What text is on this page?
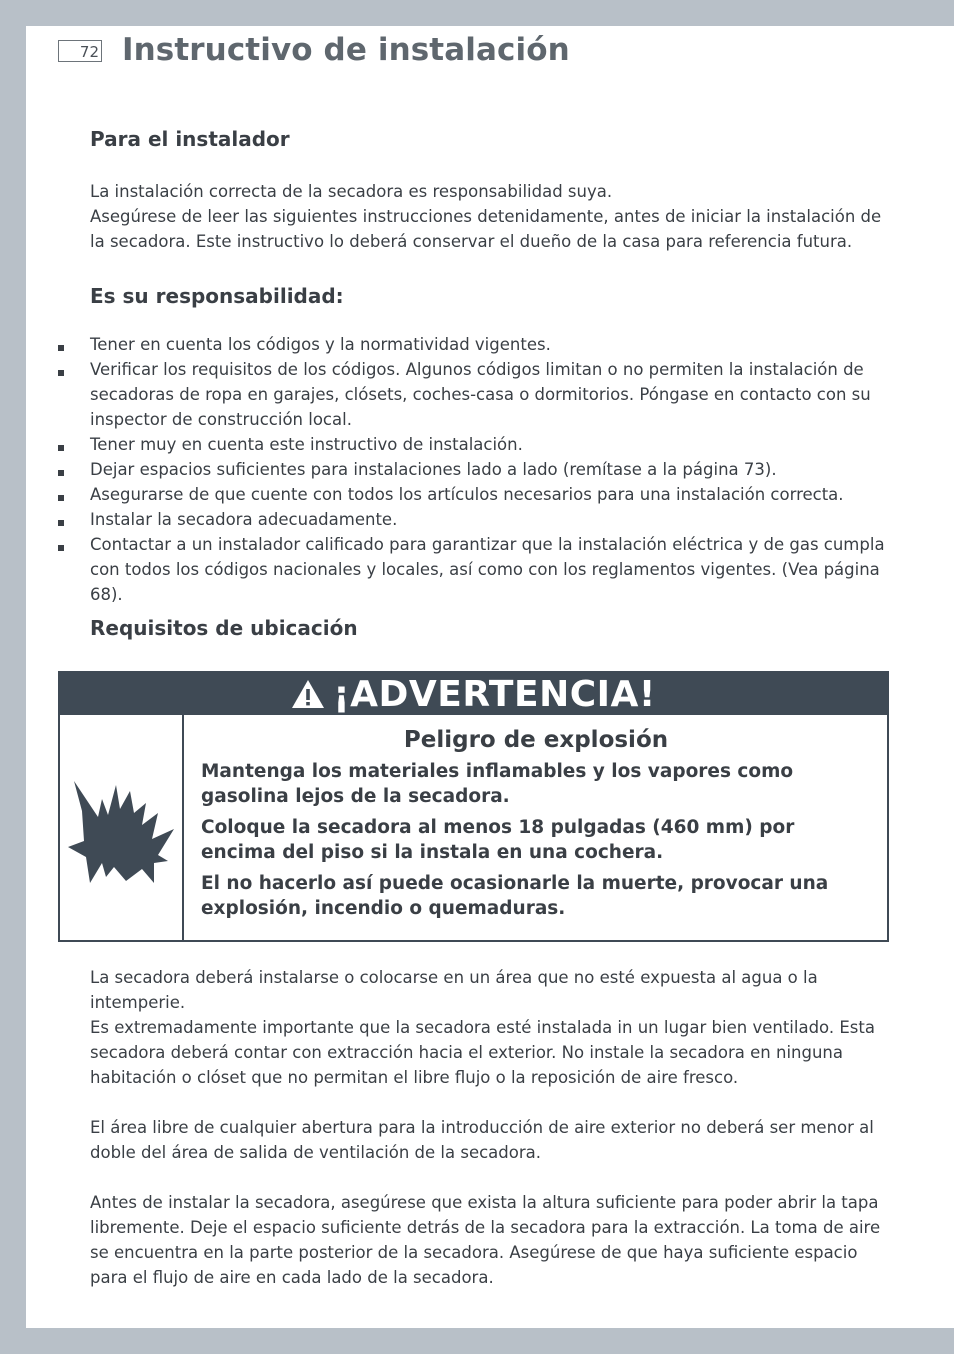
72 Instructivo de instalación
Para el instalador

La instalación correcta de la secadora es responsabilidad suya.

Asegúrese de leer las siguientes instrucciones detenidamente, antes de iniciar la instalación de la secadora. Este instructivo lo deberá conservar el dueño de la casa para referencia futura.

Es su responsabilidad:
Tener en cuenta los códigos y la normatividad vigentes.
Verificar los requisitos de los códigos. Algunos códigos limitan o no permiten la instalación de secadoras de ropa en garajes, clósets, coches-casa o dormitorios. Póngase en contacto con su inspector de construcción local.
Tener muy en cuenta este instructivo de instalación.
Dejar espacios suficientes para instalaciones lado a lado (remítase a la página 73).
Asegurarse de que cuente con todos los artículos necesarios para una instalación correcta.
Instalar la secadora adecuadamente.
Contactar a un instalador calificado para garantizar que la instalación eléctrica y de gas cumpla con todos los códigos nacionales y locales, así como con los reglamentos vigentes. (Vea página 68).
Requisitos de ubicación
¡ADVERTENCIA!

Peligro de explosión

Mantenga los materiales inflamables y los vapores como gasolina lejos de la secadora.

Coloque la secadora al menos 18 pulgadas (460 mm) por encima del piso si la instala en una cochera.

El no hacerlo así puede ocasionarle la muerte, provocar una explosión, incendio o quemaduras.

La secadora deberá instalarse o colocarse en un área que no esté expuesta al agua o la intemperie.
Es extremadamente importante que la secadora esté instalada in un lugar bien ventilado. Esta secadora deberá contar con extracción hacia el exterior. No instale la secadora en ninguna habitación o clóset que no permitan el libre flujo o la reposición de aire fresco.
El área libre de cualquier abertura para la introducción de aire exterior no deberá ser menor al doble del área de salida de ventilación de la secadora.
Antes de instalar la secadora, asegúrese que exista la altura suficiente para poder abrir la tapa libremente. Deje el espacio suficiente detrás de la secadora para la extracción. La toma de aire se encuentra en la parte posterior de la secadora. Asegúrese de que haya suficiente espacio para el flujo de aire en cada lado de la secadora.
